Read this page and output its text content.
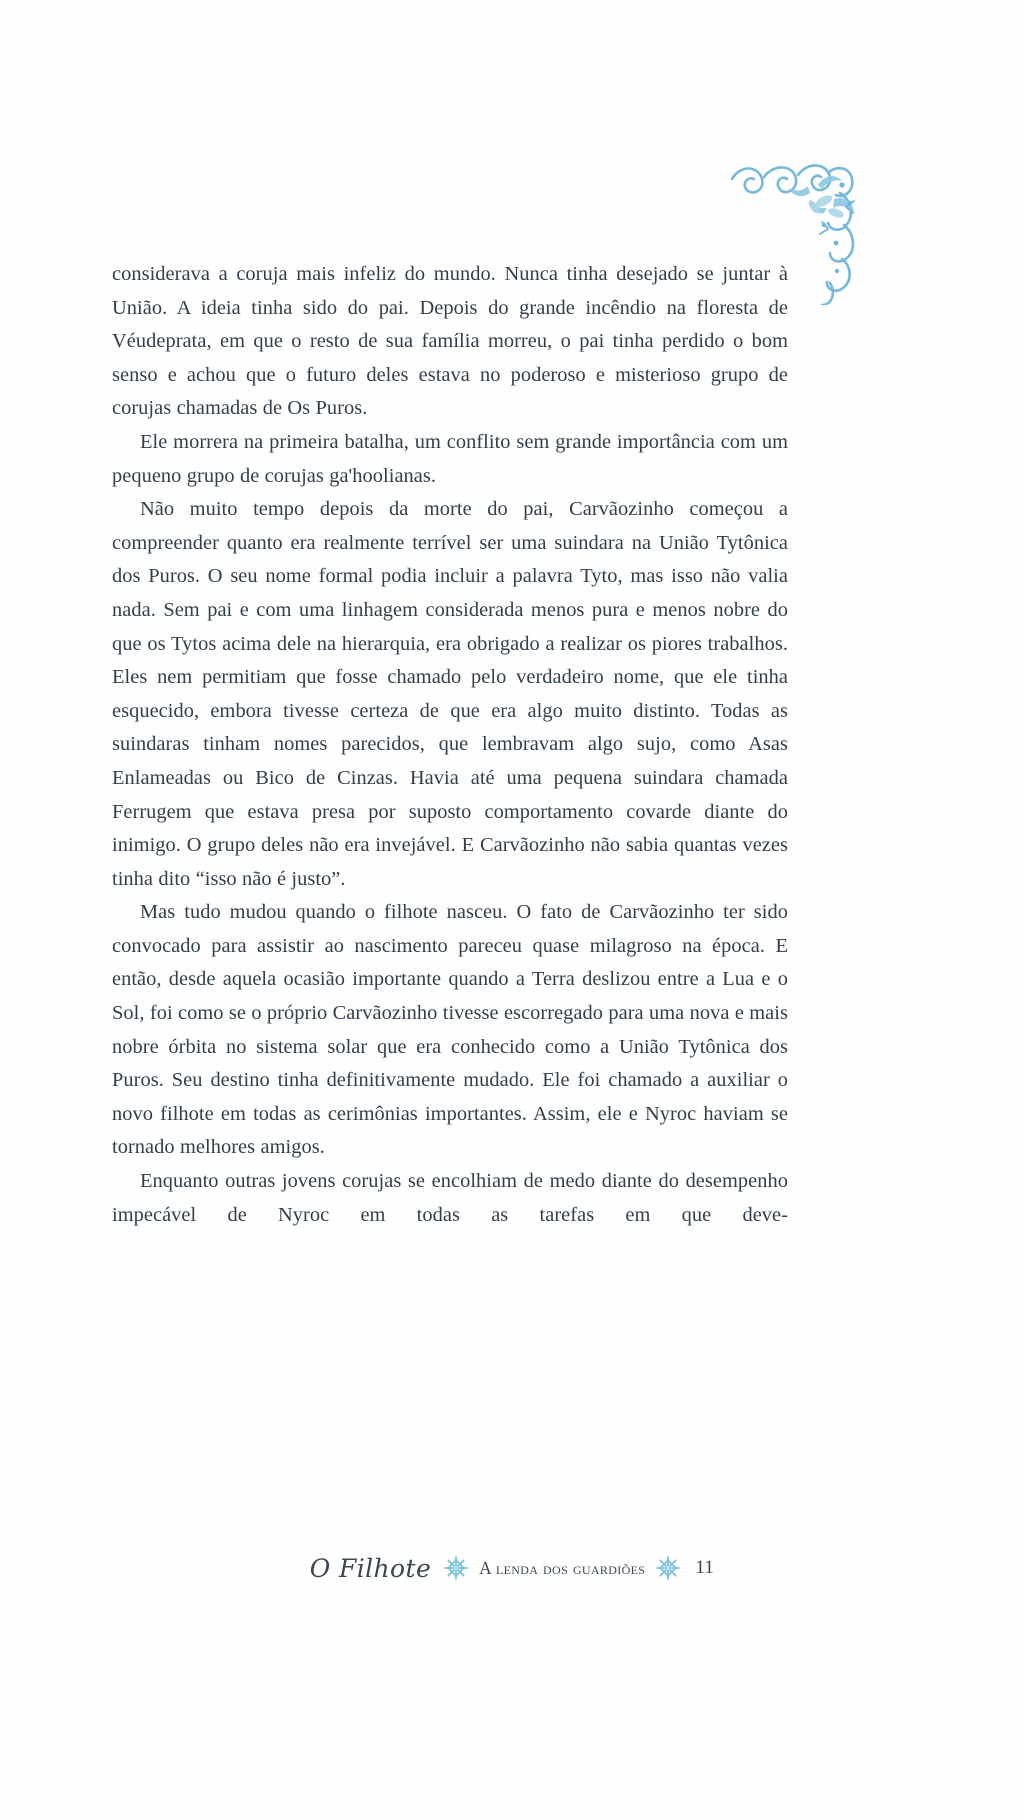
considerava a coruja mais infeliz do mundo. Nunca tinha desejado se juntar à União. A ideia tinha sido do pai. Depois do grande incêndio na floresta de Véudeprata, em que o resto de sua família morreu, o pai tinha perdido o bom senso e achou que o futuro deles estava no poderoso e misterioso grupo de corujas chamadas de Os Puros.

Ele morrera na primeira batalha, um conflito sem grande importância com um pequeno grupo de corujas ga'hoolianas.

Não muito tempo depois da morte do pai, Carvãozinho começou a compreender quanto era realmente terrível ser uma suindara na União Tytônica dos Puros. O seu nome formal podia incluir a palavra Tyto, mas isso não valia nada. Sem pai e com uma linhagem considerada menos pura e menos nobre do que os Tytos acima dele na hierarquia, era obrigado a realizar os piores trabalhos. Eles nem permitiam que fosse chamado pelo verdadeiro nome, que ele tinha esquecido, embora tivesse certeza de que era algo muito distinto. Todas as suindaras tinham nomes parecidos, que lembravam algo sujo, como Asas Enlameadas ou Bico de Cinzas. Havia até uma pequena suindara chamada Ferrugem que estava presa por suposto comportamento covarde diante do inimigo. O grupo deles não era invejável. E Carvãozinho não sabia quantas vezes tinha dito “isso não é justo”.

Mas tudo mudou quando o filhote nasceu. O fato de Carvãozinho ter sido convocado para assistir ao nascimento pareceu quase milagroso na época. E então, desde aquela ocasião importante quando a Terra deslizou entre a Lua e o Sol, foi como se o próprio Carvãozinho tivesse escorregado para uma nova e mais nobre órbita no sistema solar que era conhecido como a União Tytônica dos Puros. Seu destino tinha definitivamente mudado. Ele foi chamado a auxiliar o novo filhote em todas as cerimônias importantes. Assim, ele e Nyroc haviam se tornado melhores amigos.

Enquanto outras jovens corujas se encolhiam de medo diante do desempenho impecável de Nyroc em todas as tarefas em que deve-

O Filhote	a lenda dos guardiões	11
